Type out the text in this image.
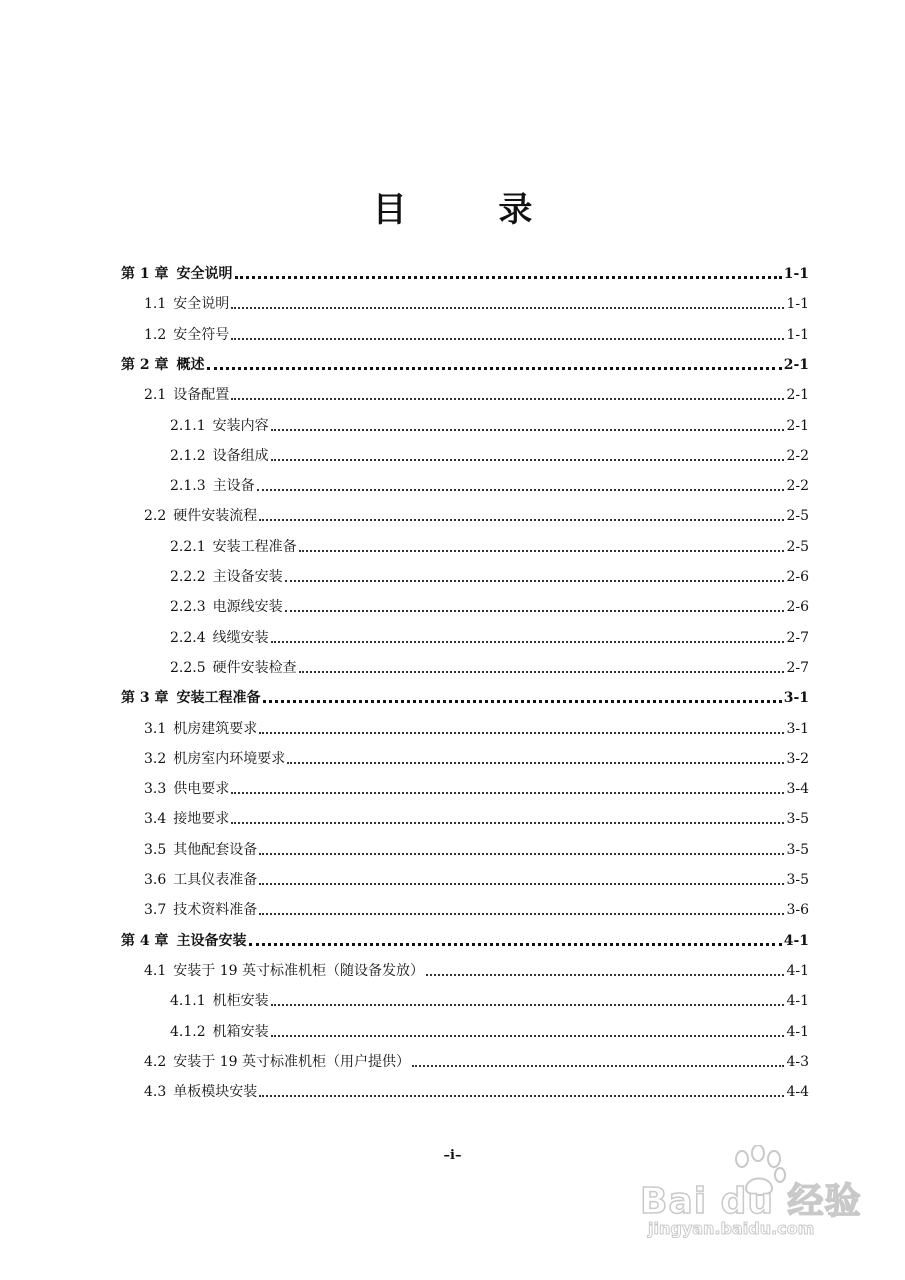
目 录
第 1 章 安全说明	1-1
1.1 安全说明	1-1
1.2 安全符号	1-1
第 2 章 概述	2-1
2.1 设备配置	2-1
2.1.1 安装内容	2-1
2.1.2 设备组成	2-2
2.1.3 主设备	2-2
2.2 硬件安装流程	2-5
2.2.1 安装工程准备	2-5
2.2.2 主设备安装	2-6
2.2.3 电源线安装	2-6
2.2.4 线缆安装	2-7
2.2.5 硬件安装检查	2-7
第 3 章 安装工程准备	3-1
3.1 机房建筑要求	3-1
3.2 机房室内环境要求	3-2
3.3 供电要求	3-4
3.4 接地要求	3-5
3.5 其他配套设备	3-5
3.6 工具仪表准备	3-5
3.7 技术资料准备	3-6
第 4 章 主设备安装	4-1
4.1 安装于 19 英寸标准机柜（随设备发放）	4-1
4.1.1 机柜安装	4-1
4.1.2 机箱安装	4-1
4.2 安装于 19 英寸标准机柜（用户提供）	4-3
4.3 单板模块安装	4-4
–i–
Bai du 经验
jingyan.baidu.com
